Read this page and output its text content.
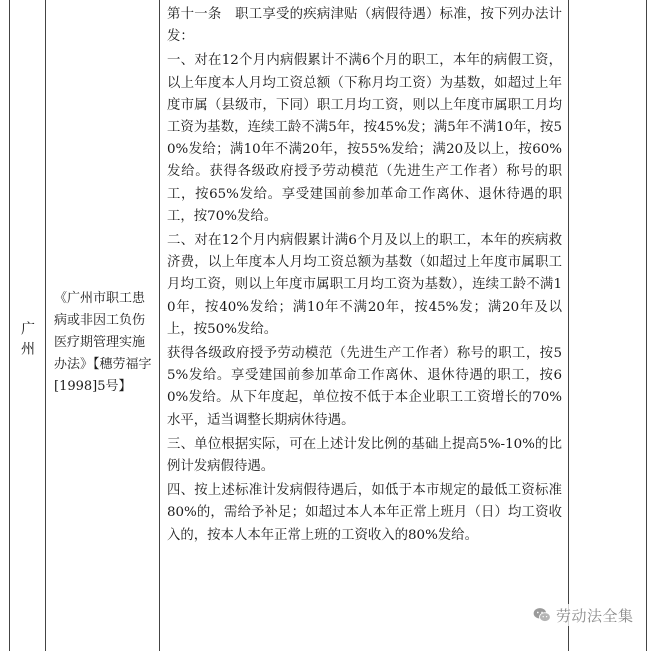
广州
《广州市职工患病或非因工负伤医疗期管理实施办法》【穗劳福字[1998]5号】

第十一条　职工享受的疾病津贴（病假待遇）标准，按下列办法计发：

一、对在12个月内病假累计不满6个月的职工，本年的病假工资，以上年度本人月均工资总额（下称月均工资）为基数，如超过上年度市属（县级市，下同）职工月均工资，则以上年度市属职工月均工资为基数，连续工龄不满5年，按45%发；满5年不满10年，按50%发给；满10年不满20年，按55%发给；满20及以上，按60%发给。获得各级政府授予劳动模范（先进生产工作者）称号的职工，按65%发给。享受建国前参加革命工作离休、退休待遇的职工，按70%发给。

二、对在12个月内病假累计满6个月及以上的职工，本年的疾病救济费，以上年度本人月均工资总额为基数（如超过上年度市属职工月均工资，则以上年度市属职工月均工资为基数），连续工龄不满10年，按40%发给；满10年不满20年，按45%发；满20年及以上，按50%发给。

获得各级政府授予劳动模范（先进生产工作者）称号的职工，按55%发给。享受建国前参加革命工作离休、退休待遇的职工，按60%发给。从下年度起，单位按不低于本企业职工工资增长的70%水平，适当调整长期病休待遇。

三、单位根据实际，可在上述计发比例的基础上提高5%-10%的比例计发病假待遇。

四、按上述标准计发病假待遇后，如低于本市规定的最低工资标准80%的，需给予补足；如超过本人本年正常上班月（日）均工资收入的，按本人本年正常上班的工资收入的80%发给。

劳动法全集
